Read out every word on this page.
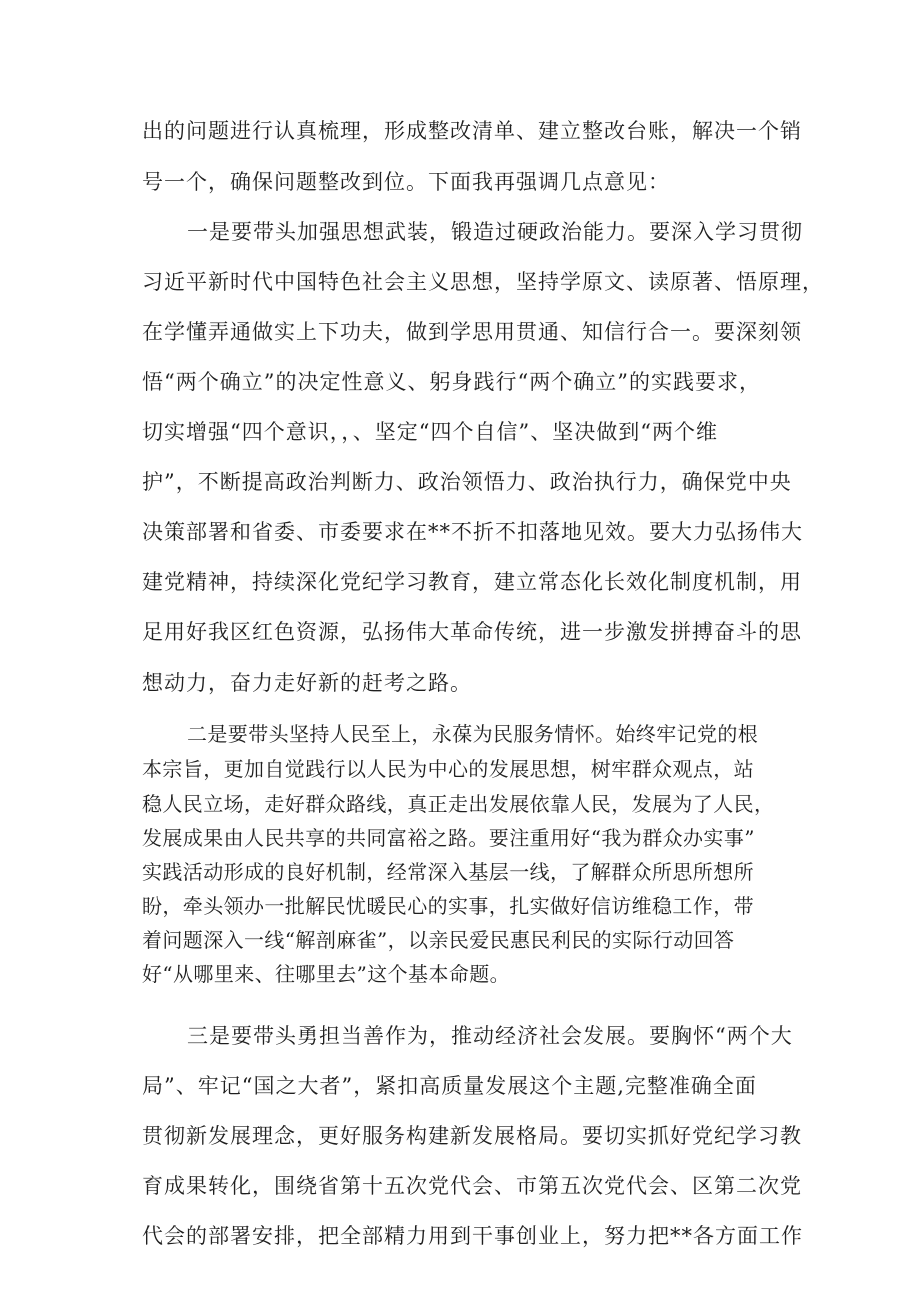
出的问题进行认真梳理，形成整改清单、建立整改台账，解决一个销

号一个，确保问题整改到位。下面我再强调几点意见：

一是要带头加强思想武装，锻造过硬政治能力。要深入学习贯彻

习近平新时代中国特色社会主义思想，坚持学原文、读原著、悟原理，

在学懂弄通做实上下功夫，做到学思用贯通、知信行合一。要深刻领

悟“两个确立”的决定性意义、躬身践行“两个确立”的实践要求，

切实增强“四个意识，，、坚定“四个自信”、坚决做到“两个维

护”，不断提高政治判断力、政治领悟力、政治执行力，确保党中央

决策部署和省委、市委要求在**不折不扣落地见效。要大力弘扬伟大

建党精神，持续深化党纪学习教育，建立常态化长效化制度机制，用

足用好我区红色资源，弘扬伟大革命传统，进一步激发拼搏奋斗的思

想动力，奋力走好新的赶考之路。

二是要带头坚持人民至上，永葆为民服务情怀。始终牢记党的根

本宗旨，更加自觉践行以人民为中心的发展思想，树牢群众观点，站

稳人民立场，走好群众路线，真正走出发展依靠人民，发展为了人民，

发展成果由人民共享的共同富裕之路。要注重用好“我为群众办实事”

实践活动形成的良好机制，经常深入基层一线，了解群众所思所想所

盼，牵头领办一批解民忧暖民心的实事，扎实做好信访维稳工作，带

着问题深入一线“解剖麻雀”，以亲民爱民惠民利民的实际行动回答

好“从哪里来、往哪里去”这个基本命题。

三是要带头勇担当善作为，推动经济社会发展。要胸怀“两个大

局”、牢记“国之大者”，紧扣高质量发展这个主题,完整准确全面

贯彻新发展理念，更好服务构建新发展格局。要切实抓好党纪学习教

育成果转化，围绕省第十五次党代会、市第五次党代会、区第二次党

代会的部署安排，把全部精力用到干事创业上，努力把**各方面工作
